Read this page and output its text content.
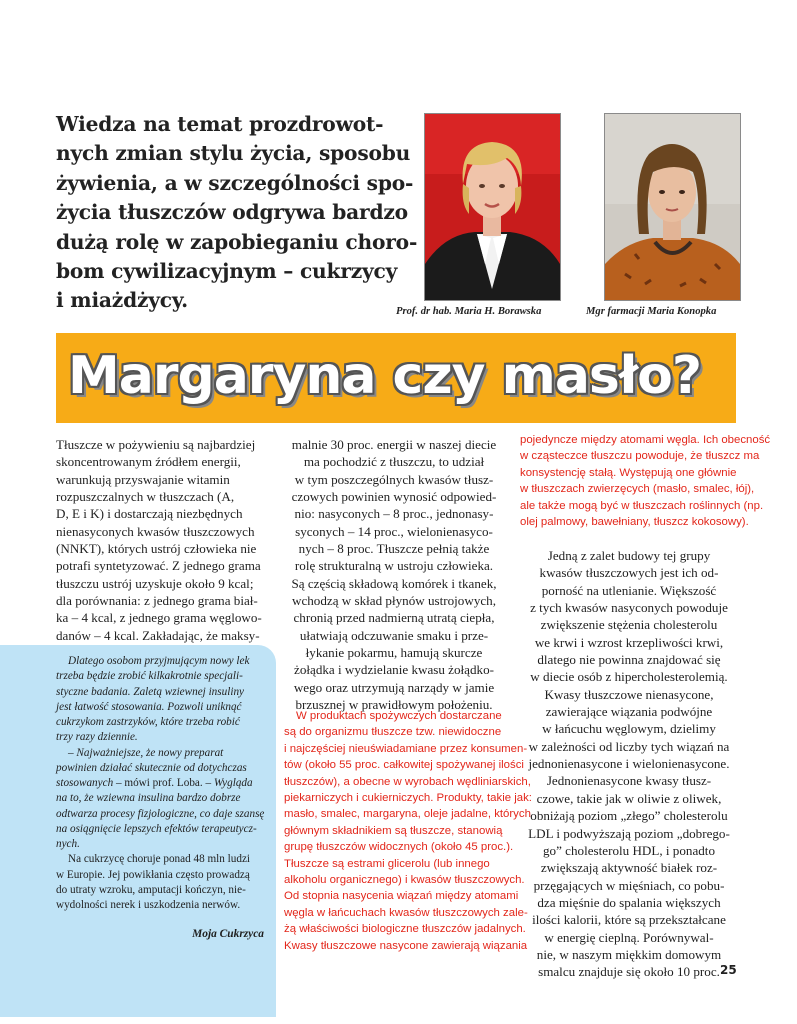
Wiedza na temat prozdrowot-
nych zmian stylu życia, sposobu
żywienia, a w szczególności spo-
życia tłuszczów odgrywa bardzo
dużą rolę w zapobieganiu choro-
bom cywilizacyjnym – cukrzycy
i miażdżycy.	Prof. dr hab. Maria H. Borawska	Mgr farmacji Maria Konopka
Margaryna czy masło?

Tłuszcze w pożywieniu są najbardziej
skoncentrowanym źródłem energii,
warunkują przyswajanie witamin
rozpuszczalnych w tłuszczach (A,
D, E i K) i dostarczają niezbędnych
nienasyconych kwasów tłuszczowych
(NNKT), których ustrój człowieka nie
potrafi syntetyzować. Z jednego grama
tłuszczu ustrój uzyskuje około 9 kcal;
dla porównania: z jednego grama biał-
ka – 4 kcal, z jednego grama węglowo-
danów – 4 kcal. Zakładając, że maksy-

Dlatego osobom przyjmującym nowy lek
trzeba będzie zrobić kilkakrotnie specjali-
styczne badania. Zaletą wziewnej insuliny
jest łatwość stosowania. Pozwoli uniknąć
cukrzykom zastrzyków, które trzeba robić
trzy razy dziennie.
– Najważniejsze, że nowy preparat
powinien działać skutecznie od dotychczas
stosowanych – mówi prof. Loba. – Wygląda
na to, że wziewna insulina bardzo dobrze
odtwarza procesy fizjologiczne, co daje szansę
na osiągnięcie lepszych efektów terapeutycz-
nych.
Na cukrzycę choruje ponad 48 mln ludzi
w Europie. Jej powikłania często prowadzą
do utraty wzroku, amputacji kończyn, nie-
wydolności nerek i uszkodzenia nerwów.
Moja Cukrzyca

malnie 30 proc. energii w naszej diecie
ma pochodzić z tłuszczu, to udział
w tym poszczególnych kwasów tłusz-
czowych powinien wynosić odpowied-
nio: nasyconych – 8 proc., jednonasy-
syconych – 14 proc., wielonienasyco-
nych – 8 proc. Tłuszcze pełnią także
rolę strukturalną w ustroju człowieka.
Są częścią składową komórek i tkanek,
wchodzą w skład płynów ustrojowych,
chronią przed nadmierną utratą ciepła,
ułatwiają odczuwanie smaku i prze-
łykanie pokarmu, hamują skurcze
żołądka i wydzielanie kwasu żołądko-
wego oraz utrzymują narządy w jamie
brzusznej w prawidłowym położeniu.

W produktach spożywczych dostarczane
są do organizmu tłuszcze tzw. niewidoczne
i najczęściej nieuświadamiane przez konsumen-
tów (około 55 proc. całkowitej spożywanej ilości
tłuszczów), a obecne w wyrobach wędliniarskich,
piekarniczych i cukierniczych. Produkty, takie jak:
masło, smalec, margaryna, oleje jadalne, których
głównym składnikiem są tłuszcze, stanowią
grupę tłuszczów widocznych (około 45 proc.).
Tłuszcze są estrami glicerolu (lub innego
alkoholu organicznego) i kwasów tłuszczowych.
Od stopnia nasycenia wiązań między atomami
węgla w łańcuchach kwasów tłuszczowych zale-
żą właściwości biologiczne tłuszczów jadalnych.
Kwasy tłuszczowe nasycone zawierają wiązania
pojedyncze między atomami węgla. Ich obecność
w cząsteczce tłuszczu powoduje, że tłuszcz ma
konsystencję stałą. Występują one głównie
w tłuszczach zwierzęcych (masło, smalec, łój),
ale także mogą być w tłuszczach roślinnych (np.
olej palmowy, bawełniany, tłuszcz kokosowy).

Jedną z zalet budowy tej grupy
kwasów tłuszczowych jest ich od-
porność na utlenianie. Większość
z tych kwasów nasyconych powoduje
zwiększenie stężenia cholesterolu
we krwi i wzrost krzepliwości krwi,
dlatego nie powinna znajdować się
w diecie osób z hipercholesterolemią.
Kwasy tłuszczowe nienasycone,
zawierające wiązania podwójne
w łańcuchu węglowym, dzielimy
w zależności od liczby tych wiązań na
jednonienasycone i wielonienasycone.
Jednonienasycone kwasy tłusz-
czowe, takie jak w oliwie z oliwek,
obniżają poziom „złego” cholesterolu
LDL i podwyższają poziom „dobrego-
go” cholesterolu HDL, i ponadto
zwiększają aktywność białek roz-
przęgających w mięśniach, co pobu-
dza mięśnie do spalania większych
ilości kalorii, które są przekształcane
w energię cieplną. Porównywal-
nie, w naszym miękkim domowym
smalcu znajduje się około 10 proc. 25
